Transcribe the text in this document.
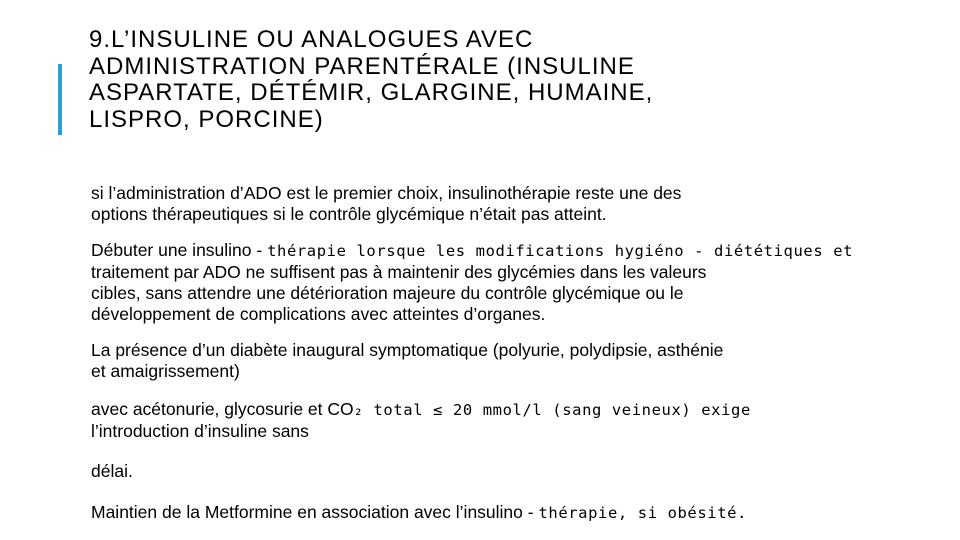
9.L’INSULINE OU ANALOGUES AVEC
ADMINISTRATION PARENTÉRALE (INSULINE
ASPARTATE, DÉTÉMIR, GLARGINE, HUMAINE,
LISPRO, PORCINE)

si l’administration d’ADO est le premier choix, insulinothérapie reste une des
options thérapeutiques si le contrôle glycémique n’était pas atteint.

Débuter une insulino - thérapie lorsque les modifications hygiéno - diététiques et
traitement par ADO ne suffisent pas à maintenir des glycémies dans les valeurs
cibles, sans attendre une détérioration majeure du contrôle glycémique ou le
développement de complications avec atteintes d’organes.

La présence d’un diabète inaugural symptomatique (polyurie, polydipsie, asthénie
et amaigrissement)

avec acétonurie, glycosurie et CO₂ total ≤ 20 mmol/l (sang veineux) exige
l’introduction d’insuline sans

délai.

Maintien de la Metformine en association avec l’insulino - thérapie, si obésité.
